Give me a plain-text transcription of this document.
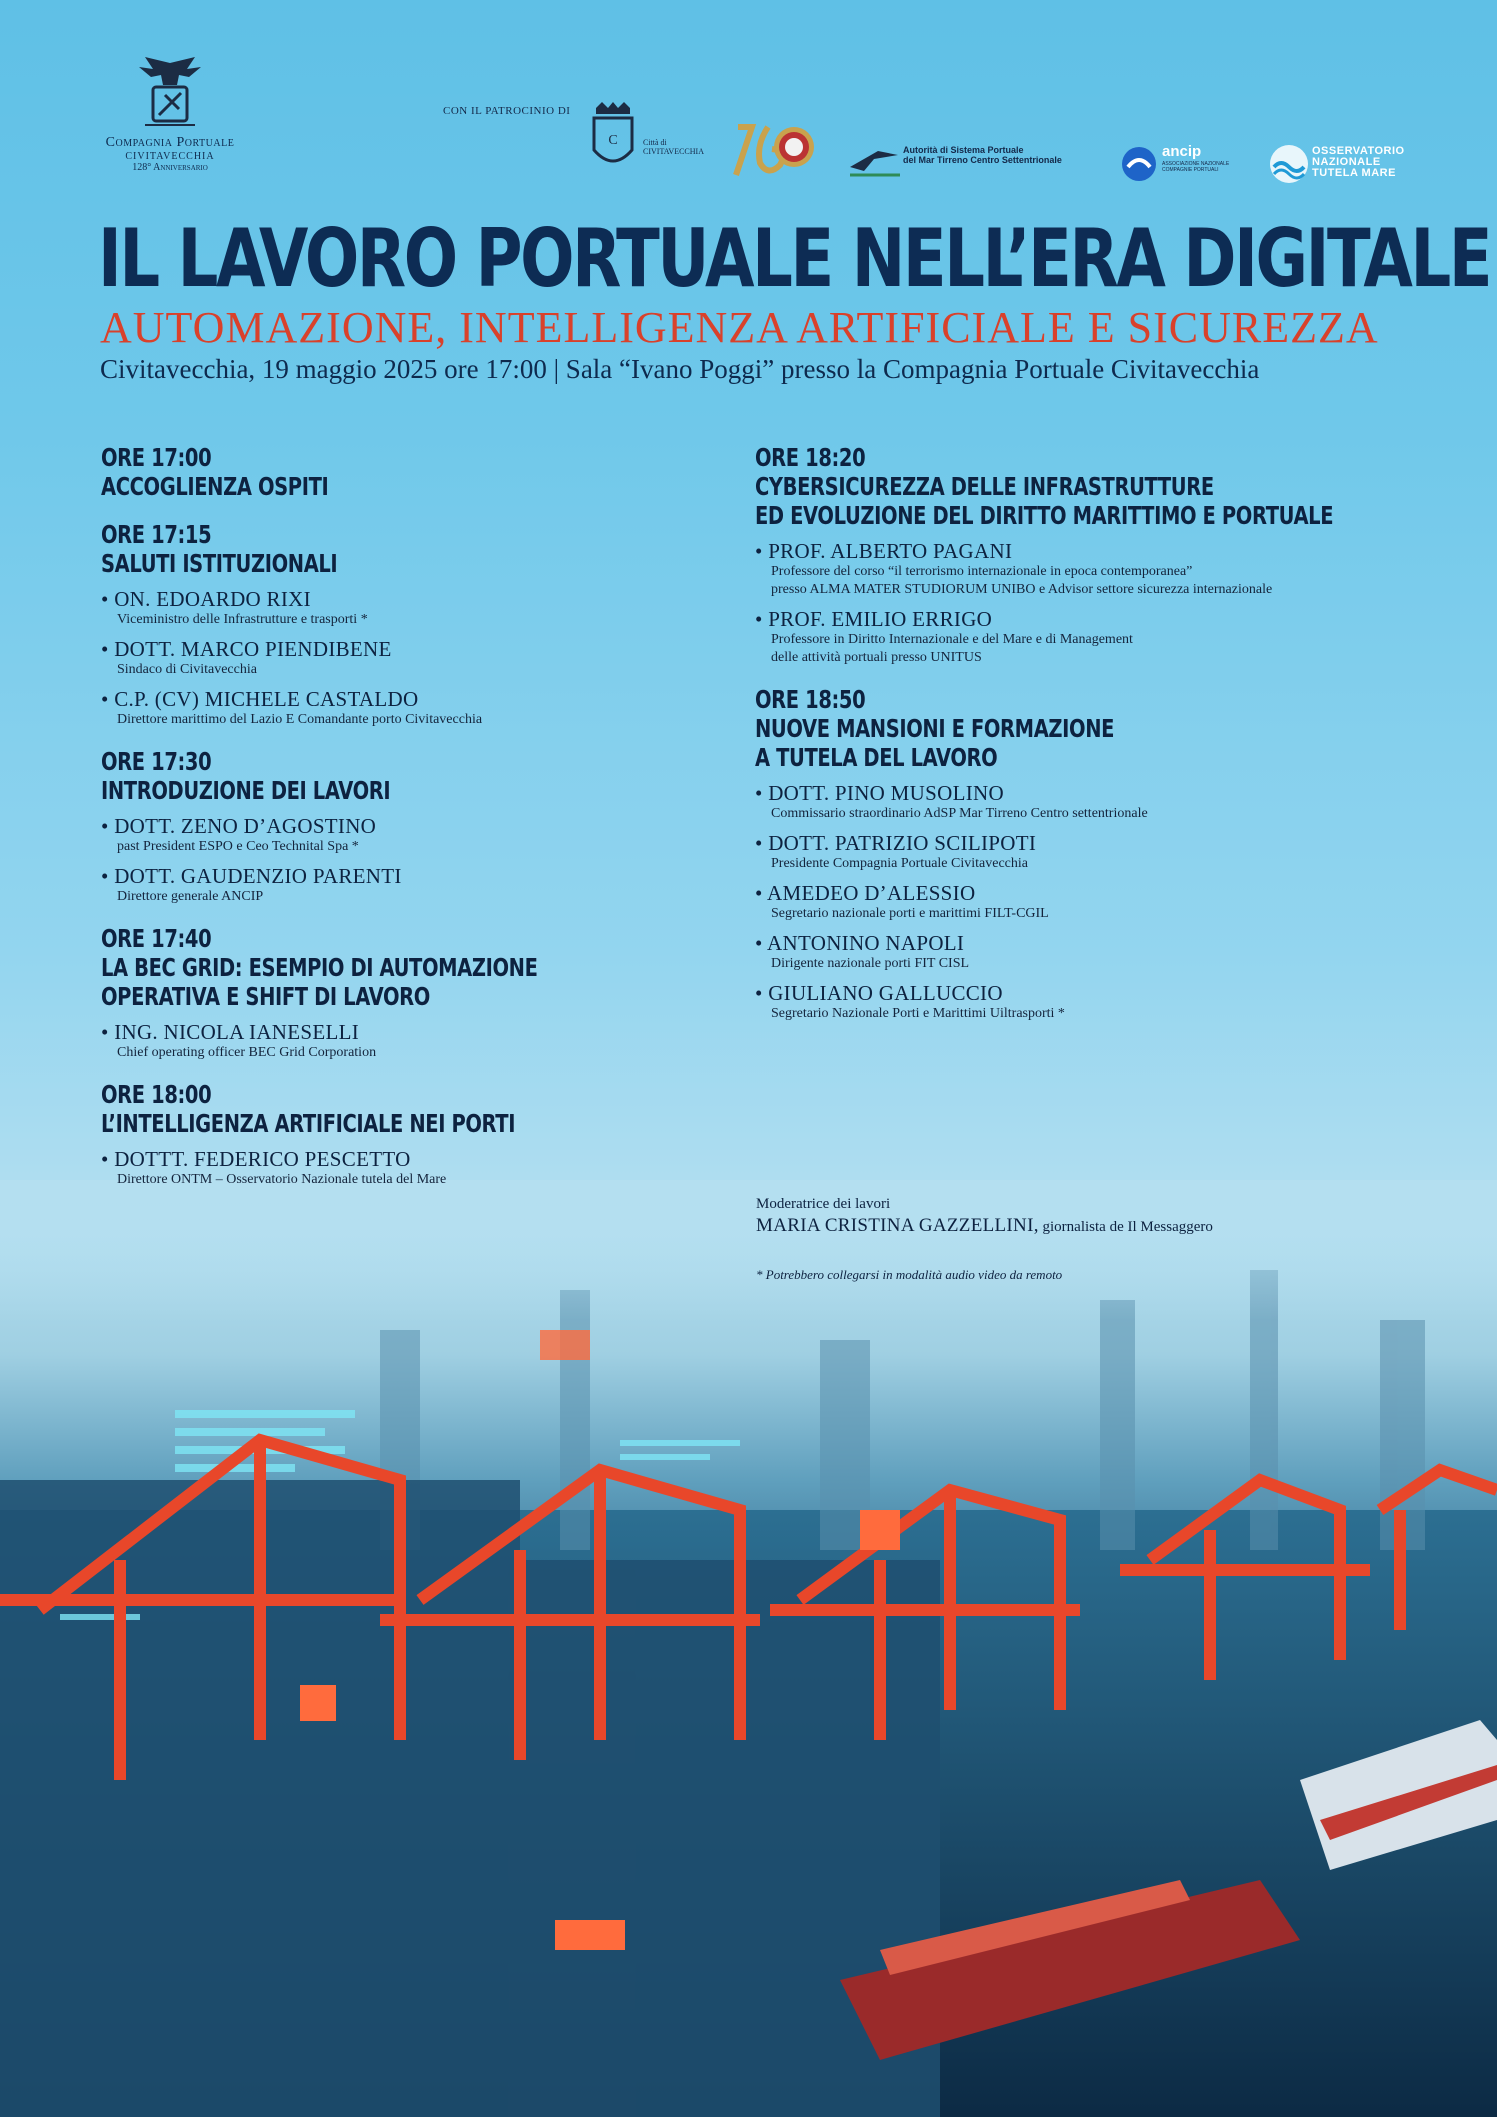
Compagnia Portuale
CIVITAVECCHIA
128° Anniversario
CON IL PATROCINIO DI
C	Città di
CIVITAVECCHIA	Autorità di Sistema Portuale
del Mar Tirreno Centro Settentrionale	ancip
ASSOCIAZIONE NAZIONALE
COMPAGNIE PORTUALI
OSSERVATORIO
NAZIONALE
TUTELA MARE
IL LAVORO PORTUALE NELL’ERA DIGITALE
AUTOMAZIONE, INTELLIGENZA ARTIFICIALE E SICUREZZA
Civitavecchia, 19 maggio 2025 ore 17:00 | Sala “Ivano Poggi” presso la Compagnia Portuale Civitavecchia
ORE 17:00
ACCOGLIENZA OSPITI
ORE 17:15
SALUTI ISTITUZIONALI
• ON. EDOARDO RIXI
Viceministro delle Infrastrutture e trasporti *
• DOTT. MARCO PIENDIBENE
Sindaco di Civitavecchia
• C.P. (CV) MICHELE CASTALDO
Direttore marittimo del Lazio E Comandante porto Civitavecchia
ORE 17:30
INTRODUZIONE DEI LAVORI
• DOTT. ZENO D’AGOSTINO
past President ESPO e Ceo Technital Spa *
• DOTT. GAUDENZIO PARENTI
Direttore generale ANCIP
ORE 17:40
LA BEC GRID: ESEMPIO DI AUTOMAZIONE
OPERATIVA E SHIFT DI LAVORO
• ING. NICOLA IANESELLI
Chief operating officer BEC Grid Corporation
ORE 18:00
L’INTELLIGENZA ARTIFICIALE NEI PORTI
• DOTTT. FEDERICO PESCETTO
Direttore ONTM – Osservatorio Nazionale tutela del Mare
ORE 18:20
CYBERSICUREZZA DELLE INFRASTRUTTURE
ED EVOLUZIONE DEL DIRITTO MARITTIMO E PORTUALE
• PROF. ALBERTO PAGANI
Professore del corso “il terrorismo internazionale in epoca contemporanea”
presso ALMA MATER STUDIORUM UNIBO e Advisor settore sicurezza internazionale
• PROF. EMILIO ERRIGO
Professore in Diritto Internazionale e del Mare e di Management
delle attività portuali presso UNITUS
ORE 18:50
NUOVE MANSIONI E FORMAZIONE
A TUTELA DEL LAVORO
• DOTT. PINO MUSOLINO
Commissario straordinario AdSP Mar Tirreno Centro settentrionale
• DOTT. PATRIZIO SCILIPOTI
Presidente Compagnia Portuale Civitavecchia
• AMEDEO D’ALESSIO
Segretario nazionale porti e marittimi FILT-CGIL
• ANTONINO NAPOLI
Dirigente nazionale porti FIT CISL
• GIULIANO GALLUCCIO
Segretario Nazionale Porti e Marittimi Uiltrasporti *
Moderatrice dei lavori
MARIA CRISTINA GAZZELLINI, giornalista de Il Messaggero
* Potrebbero collegarsi in modalità audio video da remoto
